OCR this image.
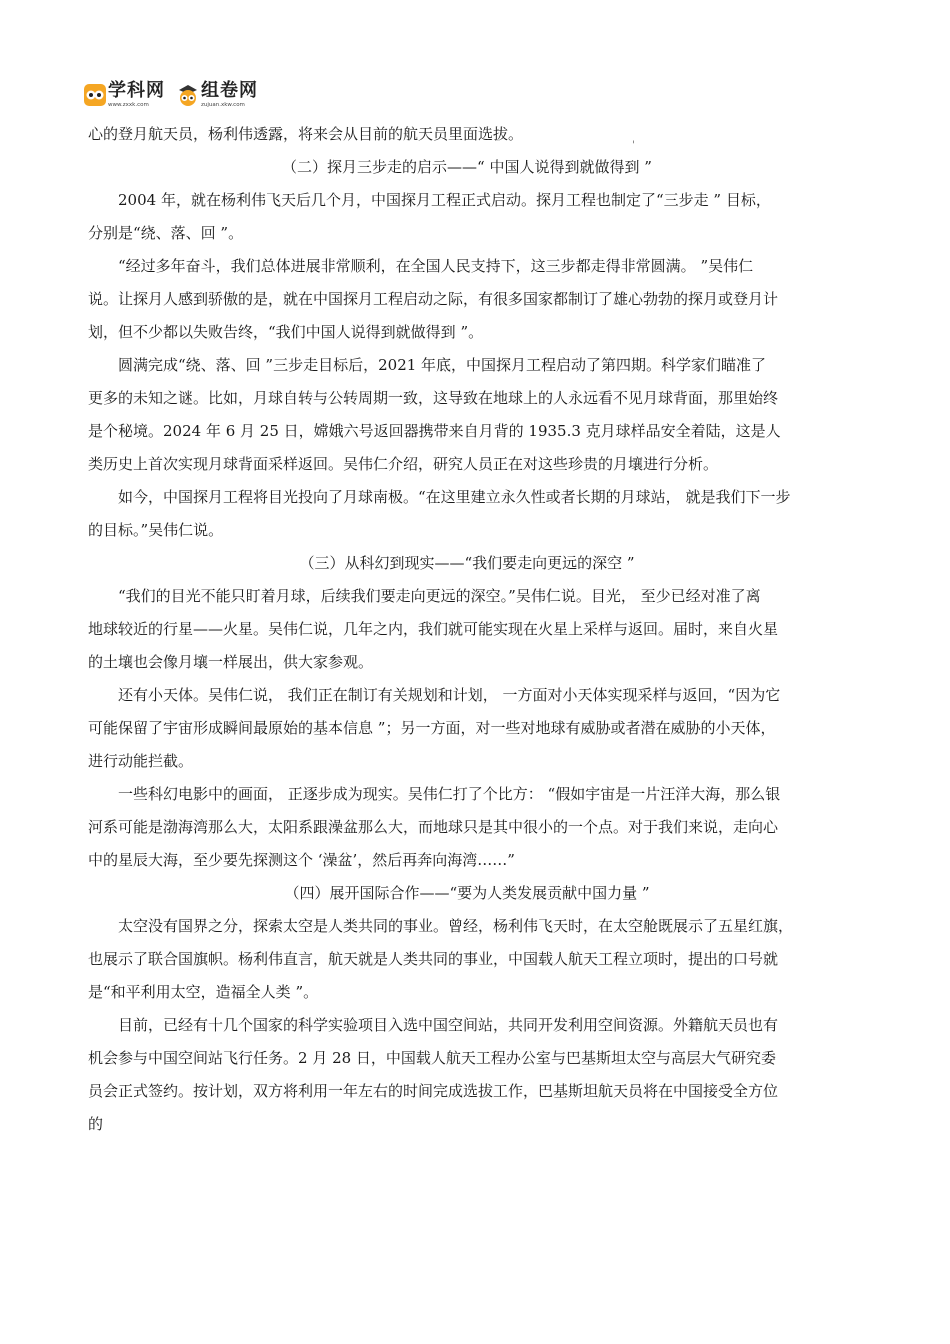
学科网
www.zxxk.com
组卷网
zujuan.xkw.com
'
心的登月航天员，杨利伟透露，将来会从目前的航天员里面选拔。
（二）探月三步走的启示——“ 中国人说得到就做得到 ”
2004 年，就在杨利伟飞天后几个月，中国探月工程正式启动。探月工程也制定了“三步走 ” 目标，
分别是“绕、落、回 ”。
“经过多年奋斗，我们总体进展非常顺利，在全国人民支持下，这三步都走得非常圆满。 ”吴伟仁
说。让探月人感到骄傲的是，就在中国探月工程启动之际，有很多国家都制订了雄心勃勃的探月或登月计
划，但不少都以失败告终，“我们中国人说得到就做得到 ”。
圆满完成“绕、落、回 ”三步走目标后，2021 年底，中国探月工程启动了第四期。科学家们瞄准了
更多的未知之谜。比如，月球自转与公转周期一致，这导致在地球上的人永远看不见月球背面，那里始终
是个秘境。2024 年 6 月 25 日，嫦娥六号返回器携带来自月背的 1935.3 克月球样品安全着陆，这是人
类历史上首次实现月球背面采样返回。吴伟仁介绍，研究人员正在对这些珍贵的月壤进行分析。
如今，中国探月工程将目光投向了月球南极。“在这里建立永久性或者长期的月球站， 就是我们下一步
的目标。”吴伟仁说。
（三）从科幻到现实——“我们要走向更远的深空 ”
“我们的目光不能只盯着月球，后续我们要走向更远的深空。”吴伟仁说。目光， 至少已经对准了离
地球较近的行星——火星。吴伟仁说，几年之内，我们就可能实现在火星上采样与返回。届时，来自火星
的土壤也会像月壤一样展出，供大家参观。
还有小天体。吴伟仁说， 我们正在制订有关规划和计划， 一方面对小天体实现采样与返回，“因为它
可能保留了宇宙形成瞬间最原始的基本信息 ”；另一方面，对一些对地球有威胁或者潜在威胁的小天体，
进行动能拦截。
一些科幻电影中的画面， 正逐步成为现实。吴伟仁打了个比方： “假如宇宙是一片汪洋大海，那么银
河系可能是渤海湾那么大，太阳系跟澡盆那么大，而地球只是其中很小的一个点。对于我们来说，走向心
中的星辰大海，至少要先探测这个 ‘澡盆’，然后再奔向海湾……”
（四）展开国际合作——“要为人类发展贡献中国力量 ”
太空没有国界之分，探索太空是人类共同的事业。曾经，杨利伟飞天时，在太空舱既展示了五星红旗，
也展示了联合国旗帜。杨利伟直言，航天就是人类共同的事业，中国载人航天工程立项时，提出的口号就
是“和平利用太空，造福全人类 ”。
目前，已经有十几个国家的科学实验项目入选中国空间站，共同开发利用空间资源。外籍航天员也有
机会参与中国空间站飞行任务。2 月 28 日，中国载人航天工程办公室与巴基斯坦太空与高层大气研究委
员会正式签约。按计划，双方将利用一年左右的时间完成选拔工作，巴基斯坦航天员将在中国接受全方位
的
